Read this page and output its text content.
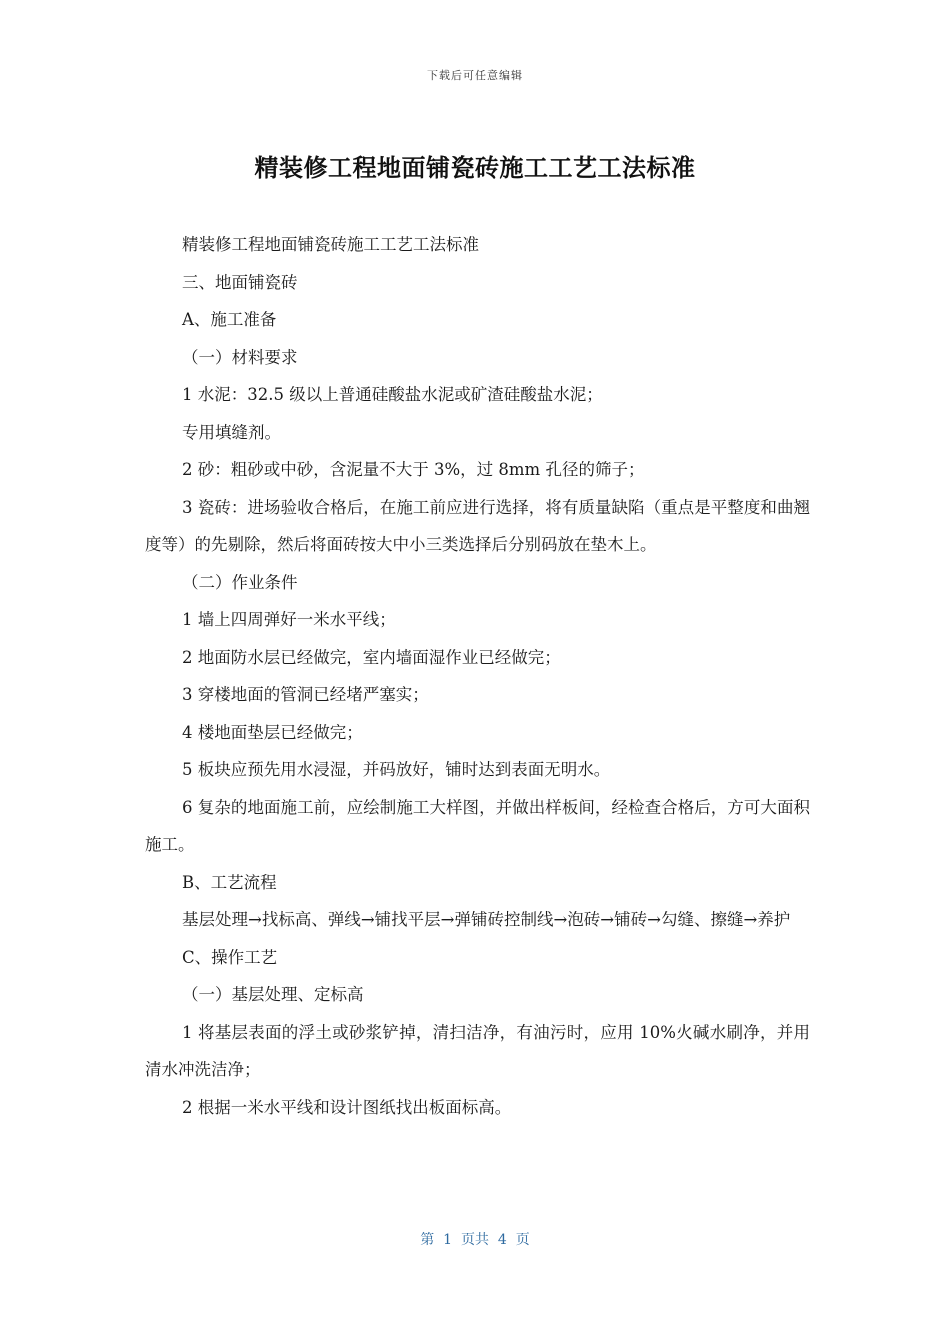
下载后可任意编辑
精装修工程地面铺瓷砖施工工艺工法标准

精装修工程地面铺瓷砖施工工艺工法标准

三、地面铺瓷砖

A、施工准备

（一）材料要求

1 水泥：32.5 级以上普通硅酸盐水泥或矿渣硅酸盐水泥；

专用填缝剂。

2 砂：粗砂或中砂，含泥量不大于 3%，过 8mm 孔径的筛子；

3 瓷砖：进场验收合格后，在施工前应进行选择，将有质量缺陷（重点是平整度和曲翘度等）的先剔除，然后将面砖按大中小三类选择后分别码放在垫木上。

（二）作业条件

1 墙上四周弹好一米水平线；

2 地面防水层已经做完，室内墙面湿作业已经做完；

3 穿楼地面的管洞已经堵严塞实；

4 楼地面垫层已经做完；

5 板块应预先用水浸湿，并码放好，铺时达到表面无明水。

6 复杂的地面施工前，应绘制施工大样图，并做出样板间，经检查合格后，方可大面积施工。

B、工艺流程

基层处理→找标高、弹线→铺找平层→弹铺砖控制线→泡砖→铺砖→勾缝、擦缝→养护

C、操作工艺

（一）基层处理、定标高

1 将基层表面的浮土或砂浆铲掉，清扫洁净，有油污时，应用 10%火碱水刷净，并用清水冲洗洁净；

2 根据一米水平线和设计图纸找出板面标高。

第  1  页共  4  页
